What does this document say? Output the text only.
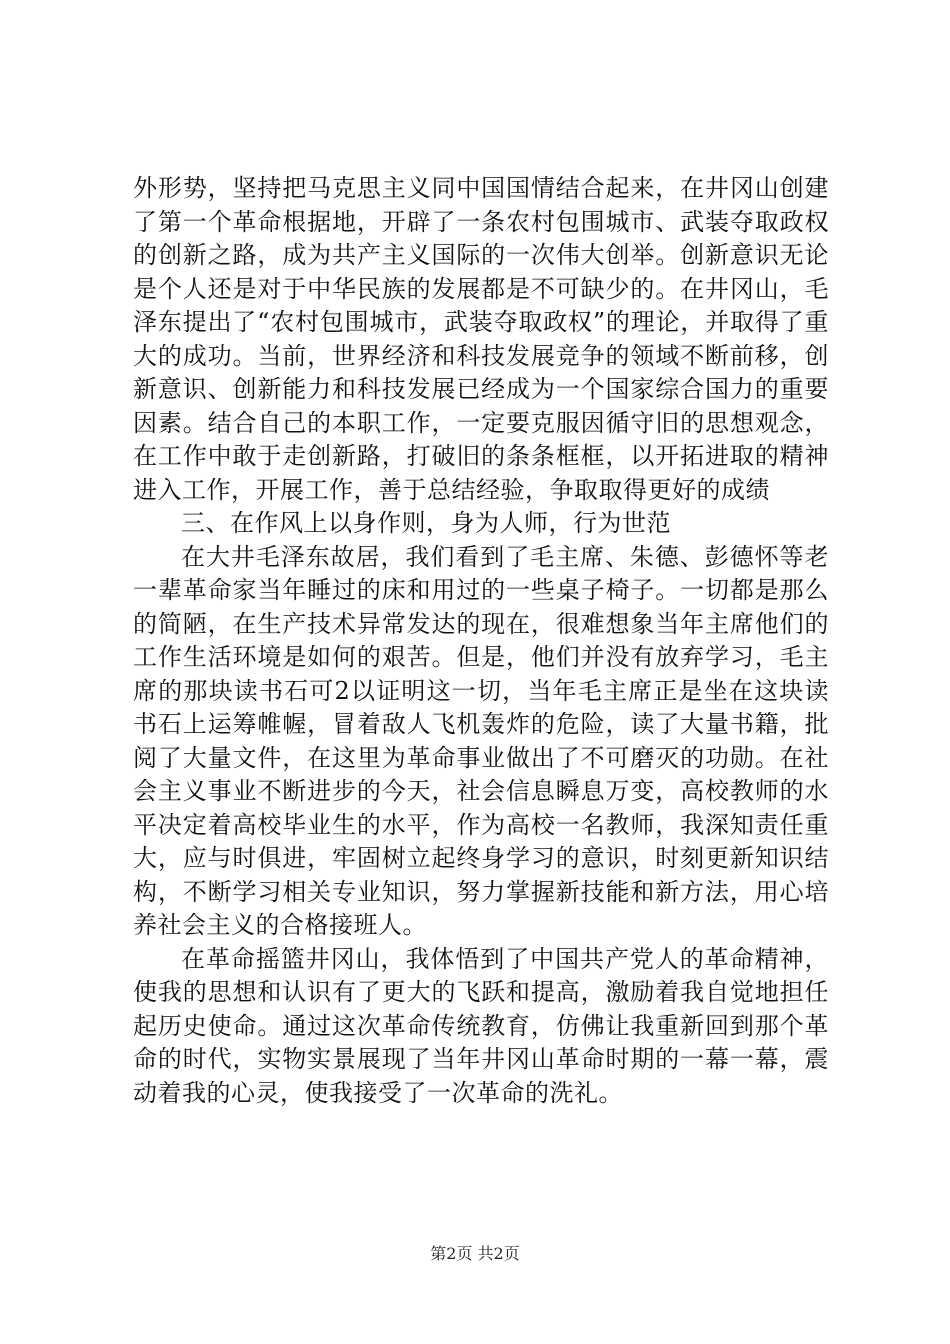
外形势，坚持把马克思主义同中国国情结合起来，在井冈山创建了第一个革命根据地，开辟了一条农村包围城市、武装夺取政权的创新之路，成为共产主义国际的一次伟大创举。创新意识无论是个人还是对于中华民族的发展都是不可缺少的。在井冈山，毛泽东提出了“农村包围城市，武装夺取政权”的理论，并取得了重大的成功。当前，世界经济和科技发展竞争的领域不断前移，创新意识、创新能力和科技发展已经成为一个国家综合国力的重要因素。结合自己的本职工作，一定要克服因循守旧的思想观念，在工作中敢于走创新路，打破旧的条条框框，以开拓进取的精神进入工作，开展工作，善于总结经验，争取取得更好的成绩

三、在作风上以身作则，身为人师，行为世范

在大井毛泽东故居，我们看到了毛主席、朱德、彭德怀等老一辈革命家当年睡过的床和用过的一些桌子椅子。一切都是那么的简陋，在生产技术异常发达的现在，很难想象当年主席他们的工作生活环境是如何的艰苦。但是，他们并没有放弃学习，毛主席的那块读书石可2以证明这一切，当年毛主席正是坐在这块读书石上运筹帷幄，冒着敌人飞机轰炸的危险，读了大量书籍，批阅了大量文件，在这里为革命事业做出了不可磨灭的功勋。在社会主义事业不断进步的今天，社会信息瞬息万变，高校教师的水平决定着高校毕业生的水平，作为高校一名教师，我深知责任重大，应与时俱进，牢固树立起终身学习的意识，时刻更新知识结构，不断学习相关专业知识，努力掌握新技能和新方法，用心培养社会主义的合格接班人。

在革命摇篮井冈山，我体悟到了中国共产党人的革命精神，使我的思想和认识有了更大的飞跃和提高，激励着我自觉地担任起历史使命。通过这次革命传统教育，仿佛让我重新回到那个革命的时代，实物实景展现了当年井冈山革命时期的一幕一幕，震动着我的心灵，使我接受了一次革命的洗礼。

第2页 共2页
